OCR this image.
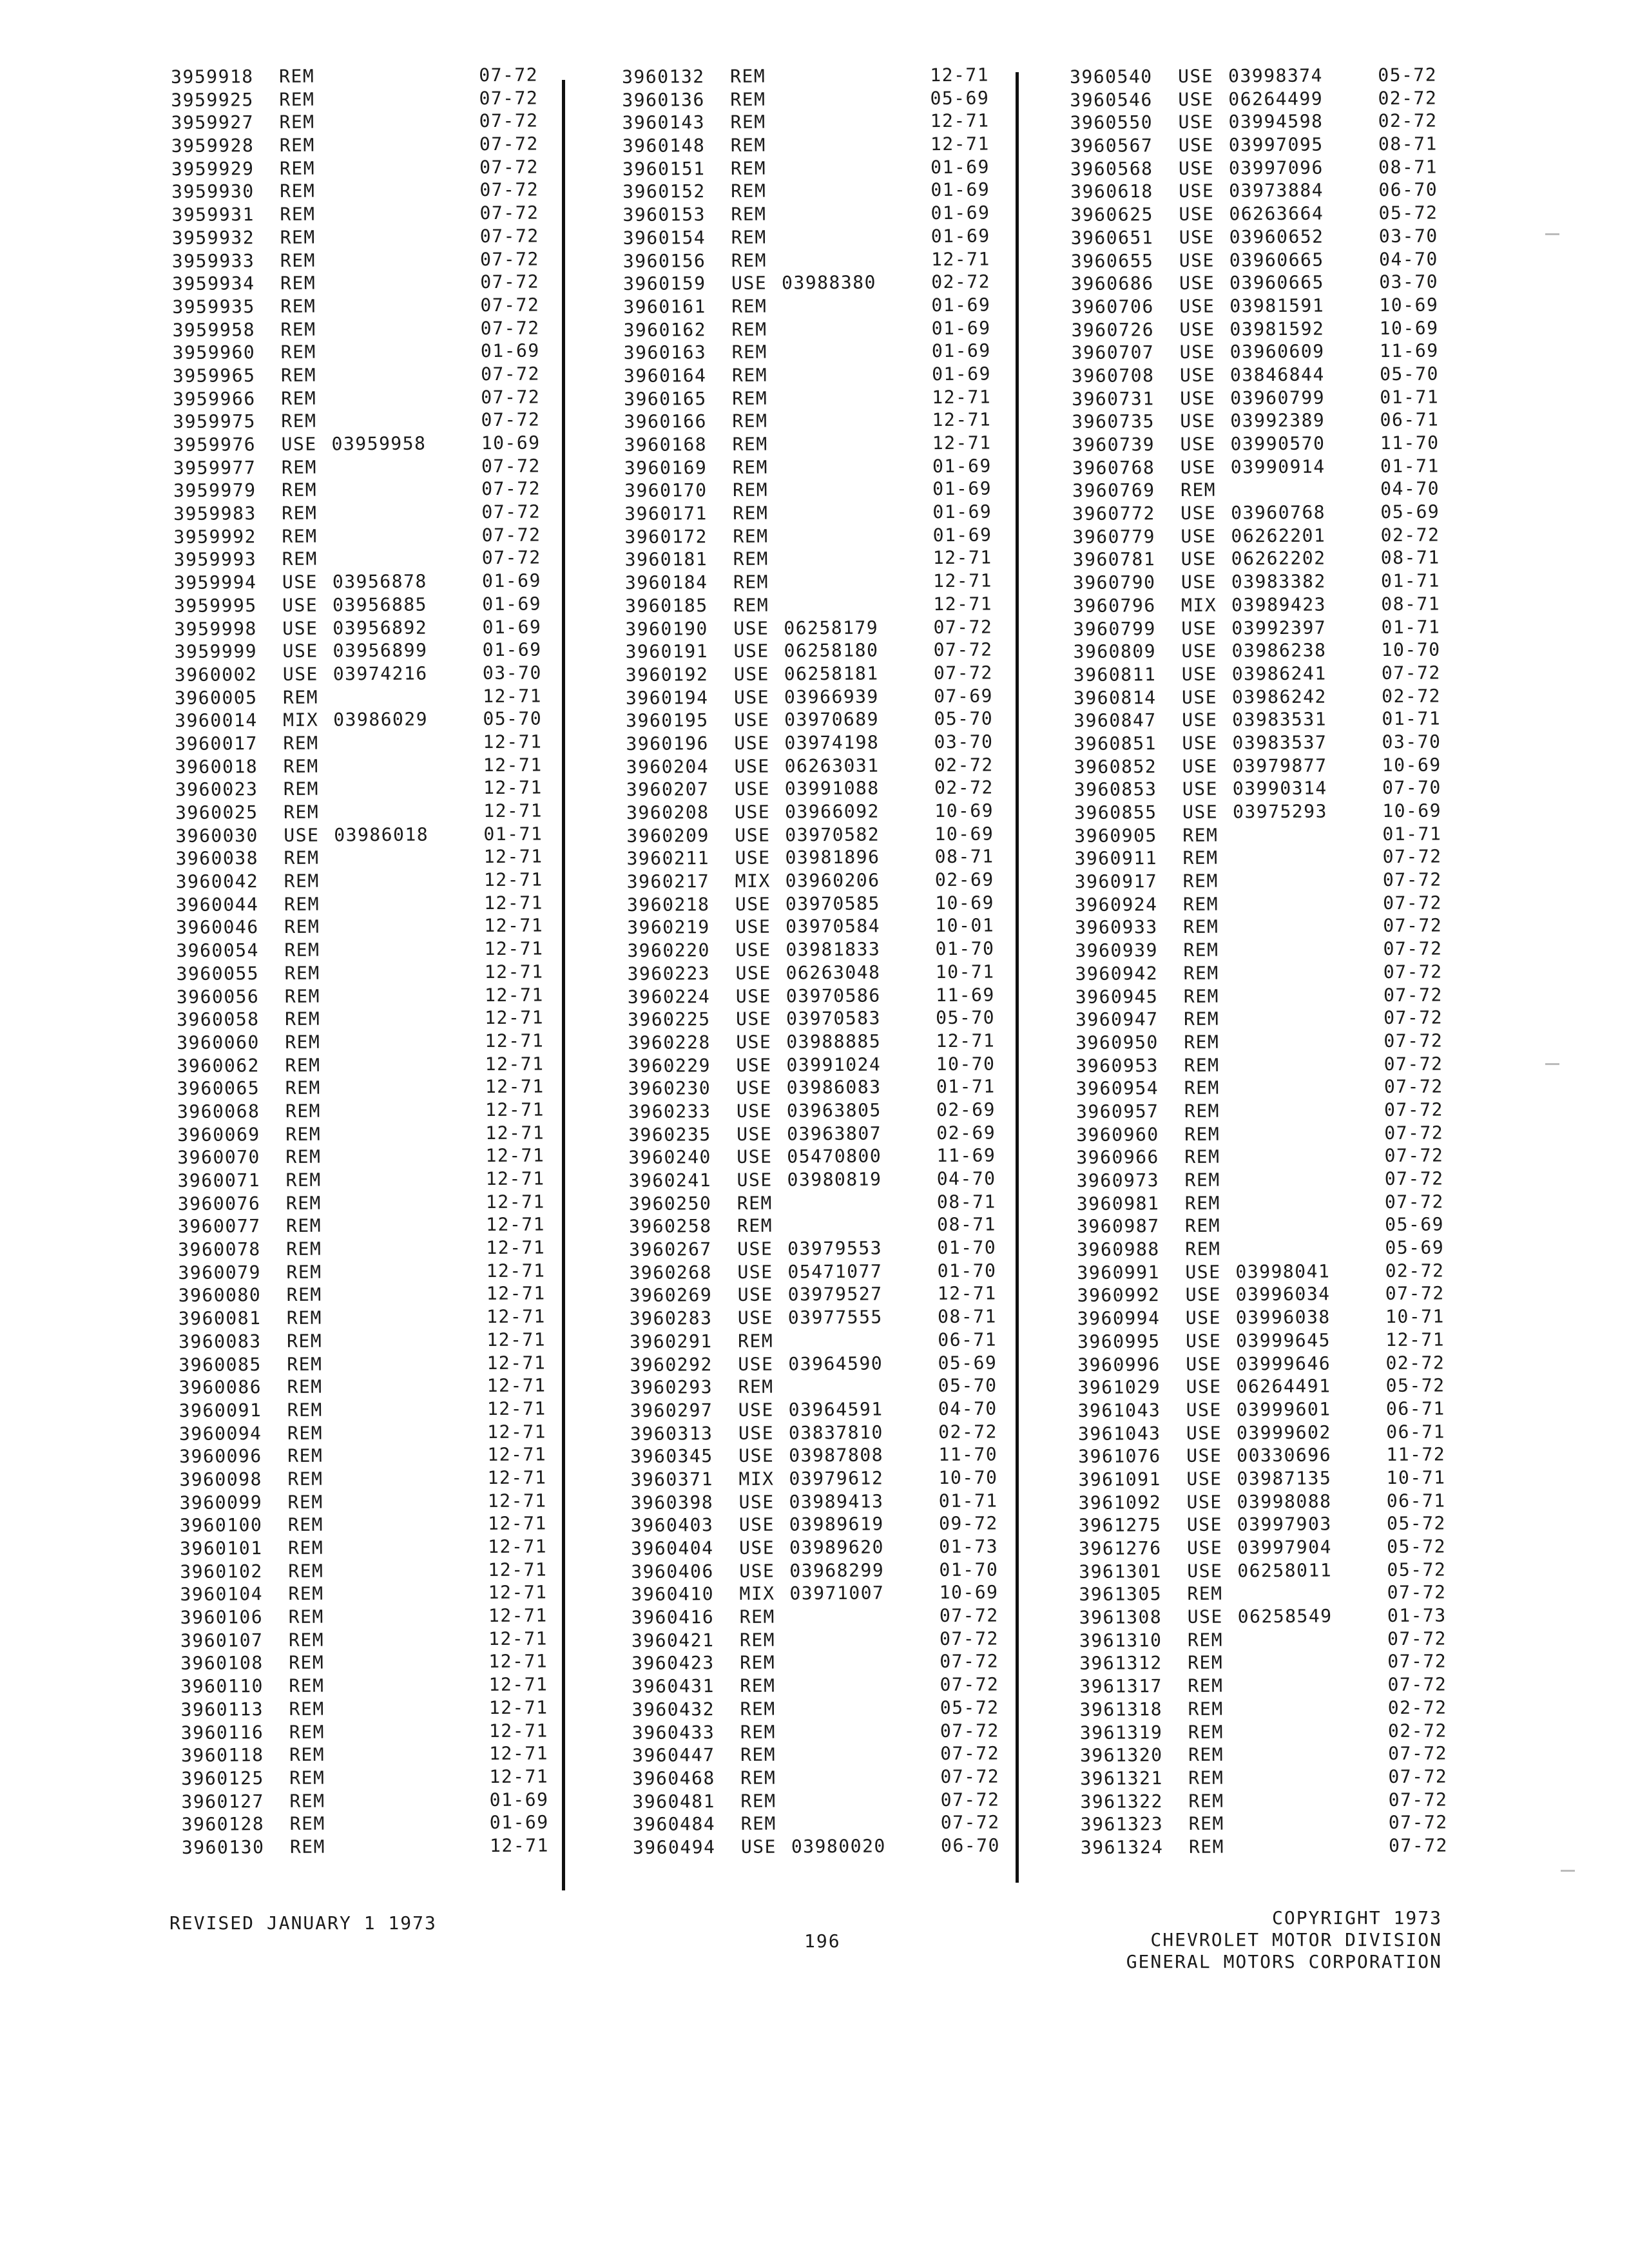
3959918	REM	07-72
3959925	REM	07-72
3959927	REM	07-72
3959928	REM	07-72
3959929	REM	07-72
3959930	REM	07-72
3959931	REM	07-72
3959932	REM	07-72
3959933	REM	07-72
3959934	REM	07-72
3959935	REM	07-72
3959958	REM	07-72
3959960	REM	01-69
3959965	REM	07-72
3959966	REM	07-72
3959975	REM	07-72
3959976	USE 03959958	10-69
3959977	REM	07-72
3959979	REM	07-72
3959983	REM	07-72
3959992	REM	07-72
3959993	REM	07-72
3959994	USE 03956878	01-69
3959995	USE 03956885	01-69
3959998	USE 03956892	01-69
3959999	USE 03956899	01-69
3960002	USE 03974216	03-70
3960005	REM	12-71
3960014	MIX 03986029	05-70
3960017	REM	12-71
3960018	REM	12-71
3960023	REM	12-71
3960025	REM	12-71
3960030	USE 03986018	01-71
3960038	REM	12-71
3960042	REM	12-71
3960044	REM	12-71
3960046	REM	12-71
3960054	REM	12-71
3960055	REM	12-71
3960056	REM	12-71
3960058	REM	12-71
3960060	REM	12-71
3960062	REM	12-71
3960065	REM	12-71
3960068	REM	12-71
3960069	REM	12-71
3960070	REM	12-71
3960071	REM	12-71
3960076	REM	12-71
3960077	REM	12-71
3960078	REM	12-71
3960079	REM	12-71
3960080	REM	12-71
3960081	REM	12-71
3960083	REM	12-71
3960085	REM	12-71
3960086	REM	12-71
3960091	REM	12-71
3960094	REM	12-71
3960096	REM	12-71
3960098	REM	12-71
3960099	REM	12-71
3960100	REM	12-71
3960101	REM	12-71
3960102	REM	12-71
3960104	REM	12-71
3960106	REM	12-71
3960107	REM	12-71
3960108	REM	12-71
3960110	REM	12-71
3960113	REM	12-71
3960116	REM	12-71
3960118	REM	12-71
3960125	REM	12-71
3960127	REM	01-69
3960128	REM	01-69
3960130	REM	12-71
3960132	REM	12-71
3960136	REM	05-69
3960143	REM	12-71
3960148	REM	12-71
3960151	REM	01-69
3960152	REM	01-69
3960153	REM	01-69
3960154	REM	01-69
3960156	REM	12-71
3960159	USE 03988380	02-72
3960161	REM	01-69
3960162	REM	01-69
3960163	REM	01-69
3960164	REM	01-69
3960165	REM	12-71
3960166	REM	12-71
3960168	REM	12-71
3960169	REM	01-69
3960170	REM	01-69
3960171	REM	01-69
3960172	REM	01-69
3960181	REM	12-71
3960184	REM	12-71
3960185	REM	12-71
3960190	USE 06258179	07-72
3960191	USE 06258180	07-72
3960192	USE 06258181	07-72
3960194	USE 03966939	07-69
3960195	USE 03970689	05-70
3960196	USE 03974198	03-70
3960204	USE 06263031	02-72
3960207	USE 03991088	02-72
3960208	USE 03966092	10-69
3960209	USE 03970582	10-69
3960211	USE 03981896	08-71
3960217	MIX 03960206	02-69
3960218	USE 03970585	10-69
3960219	USE 03970584	10-01
3960220	USE 03981833	01-70
3960223	USE 06263048	10-71
3960224	USE 03970586	11-69
3960225	USE 03970583	05-70
3960228	USE 03988885	12-71
3960229	USE 03991024	10-70
3960230	USE 03986083	01-71
3960233	USE 03963805	02-69
3960235	USE 03963807	02-69
3960240	USE 05470800	11-69
3960241	USE 03980819	04-70
3960250	REM	08-71
3960258	REM	08-71
3960267	USE 03979553	01-70
3960268	USE 05471077	01-70
3960269	USE 03979527	12-71
3960283	USE 03977555	08-71
3960291	REM	06-71
3960292	USE 03964590	05-69
3960293	REM	05-70
3960297	USE 03964591	04-70
3960313	USE 03837810	02-72
3960345	USE 03987808	11-70
3960371	MIX 03979612	10-70
3960398	USE 03989413	01-71
3960403	USE 03989619	09-72
3960404	USE 03989620	01-73
3960406	USE 03968299	01-70
3960410	MIX 03971007	10-69
3960416	REM	07-72
3960421	REM	07-72
3960423	REM	07-72
3960431	REM	07-72
3960432	REM	05-72
3960433	REM	07-72
3960447	REM	07-72
3960468	REM	07-72
3960481	REM	07-72
3960484	REM	07-72
3960494	USE 03980020	06-70
3960540	USE 03998374	05-72
3960546	USE 06264499	02-72
3960550	USE 03994598	02-72
3960567	USE 03997095	08-71
3960568	USE 03997096	08-71
3960618	USE 03973884	06-70
3960625	USE 06263664	05-72
3960651	USE 03960652	03-70
3960655	USE 03960665	04-70
3960686	USE 03960665	03-70
3960706	USE 03981591	10-69
3960726	USE 03981592	10-69
3960707	USE 03960609	11-69
3960708	USE 03846844	05-70
3960731	USE 03960799	01-71
3960735	USE 03992389	06-71
3960739	USE 03990570	11-70
3960768	USE 03990914	01-71
3960769	REM	04-70
3960772	USE 03960768	05-69
3960779	USE 06262201	02-72
3960781	USE 06262202	08-71
3960790	USE 03983382	01-71
3960796	MIX 03989423	08-71
3960799	USE 03992397	01-71
3960809	USE 03986238	10-70
3960811	USE 03986241	07-72
3960814	USE 03986242	02-72
3960847	USE 03983531	01-71
3960851	USE 03983537	03-70
3960852	USE 03979877	10-69
3960853	USE 03990314	07-70
3960855	USE 03975293	10-69
3960905	REM	01-71
3960911	REM	07-72
3960917	REM	07-72
3960924	REM	07-72
3960933	REM	07-72
3960939	REM	07-72
3960942	REM	07-72
3960945	REM	07-72
3960947	REM	07-72
3960950	REM	07-72
3960953	REM	07-72
3960954	REM	07-72
3960957	REM	07-72
3960960	REM	07-72
3960966	REM	07-72
3960973	REM	07-72
3960981	REM	07-72
3960987	REM	05-69
3960988	REM	05-69
3960991	USE 03998041	02-72
3960992	USE 03996034	07-72
3960994	USE 03996038	10-71
3960995	USE 03999645	12-71
3960996	USE 03999646	02-72
3961029	USE 06264491	05-72
3961043	USE 03999601	06-71
3961043	USE 03999602	06-71
3961076	USE 00330696	11-72
3961091	USE 03987135	10-71
3961092	USE 03998088	06-71
3961275	USE 03997903	05-72
3961276	USE 03997904	05-72
3961301	USE 06258011	05-72
3961305	REM	07-72
3961308	USE 06258549	01-73
3961310	REM	07-72
3961312	REM	07-72
3961317	REM	07-72
3961318	REM	02-72
3961319	REM	02-72
3961320	REM	07-72
3961321	REM	07-72
3961322	REM	07-72
3961323	REM	07-72
3961324	REM	07-72
REVISED JANUARY 1 1973
196
COPYRIGHT 1973
CHEVROLET MOTOR DIVISION
GENERAL MOTORS CORPORATION
